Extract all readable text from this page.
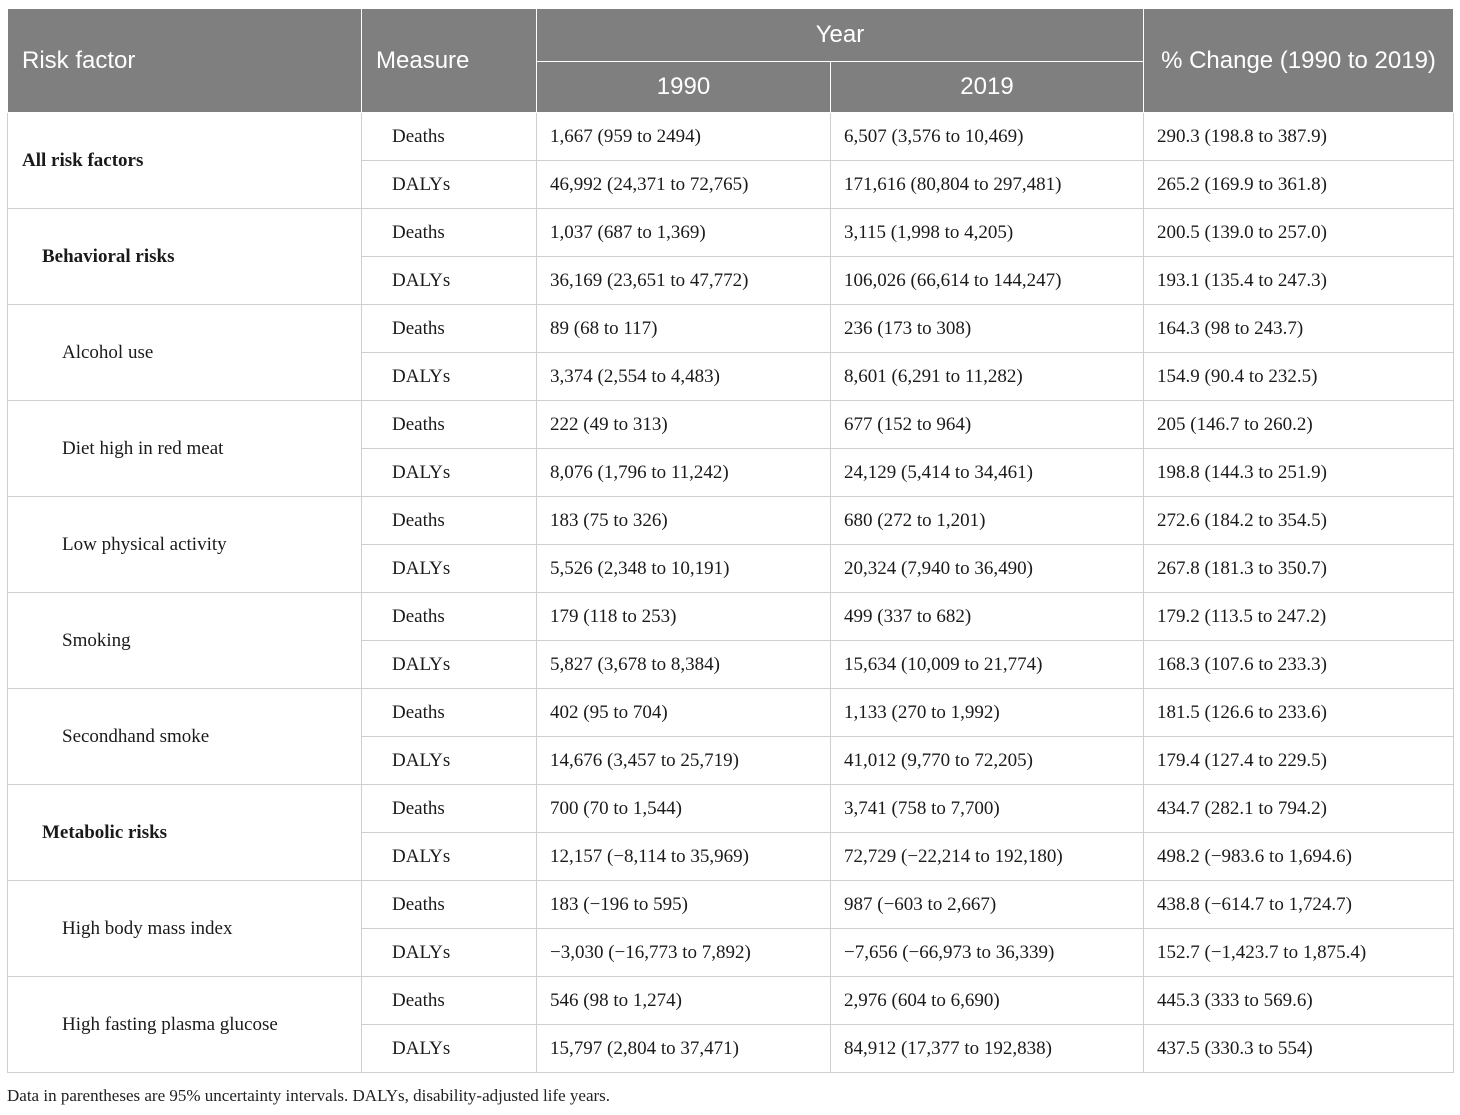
Risk factor	Measure	Year		% Change (1990 to 2019)
		1990	2019	
All risk factors	Deaths	1,667 (959 to 2494)	6,507 (3,576 to 10,469)	290.3 (198.8 to 387.9)
	DALYs	46,992 (24,371 to 72,765)	171,616 (80,804 to 297,481)	265.2 (169.9 to 361.8)
Behavioral risks	Deaths	1,037 (687 to 1,369)	3,115 (1,998 to 4,205)	200.5 (139.0 to 257.0)
	DALYs	36,169 (23,651 to 47,772)	106,026 (66,614 to 144,247)	193.1 (135.4 to 247.3)
Alcohol use	Deaths	89 (68 to 117)	236 (173 to 308)	164.3 (98 to 243.7)
	DALYs	3,374 (2,554 to 4,483)	8,601 (6,291 to 11,282)	154.9 (90.4 to 232.5)
Diet high in red meat	Deaths	222 (49 to 313)	677 (152 to 964)	205 (146.7 to 260.2)
	DALYs	8,076 (1,796 to 11,242)	24,129 (5,414 to 34,461)	198.8 (144.3 to 251.9)
Low physical activity	Deaths	183 (75 to 326)	680 (272 to 1,201)	272.6 (184.2 to 354.5)
	DALYs	5,526 (2,348 to 10,191)	20,324 (7,940 to 36,490)	267.8 (181.3 to 350.7)
Smoking	Deaths	179 (118 to 253)	499 (337 to 682)	179.2 (113.5 to 247.2)
	DALYs	5,827 (3,678 to 8,384)	15,634 (10,009 to 21,774)	168.3 (107.6 to 233.3)
Secondhand smoke	Deaths	402 (95 to 704)	1,133 (270 to 1,992)	181.5 (126.6 to 233.6)
	DALYs	14,676 (3,457 to 25,719)	41,012 (9,770 to 72,205)	179.4 (127.4 to 229.5)
Metabolic risks	Deaths	700 (70 to 1,544)	3,741 (758 to 7,700)	434.7 (282.1 to 794.2)
	DALYs	12,157 (−8,114 to 35,969)	72,729 (−22,214 to 192,180)	498.2 (−983.6 to 1,694.6)
High body mass index	Deaths	183 (−196 to 595)	987 (−603 to 2,667)	438.8 (−614.7 to 1,724.7)
	DALYs	−3,030 (−16,773 to 7,892)	−7,656 (−66,973 to 36,339)	152.7 (−1,423.7 to 1,875.4)
High fasting plasma glucose	Deaths	546 (98 to 1,274)	2,976 (604 to 6,690)	445.3 (333 to 569.6)
	DALYs	15,797 (2,804 to 37,471)	84,912 (17,377 to 192,838)	437.5 (330.3 to 554)
Data in parentheses are 95% uncertainty intervals. DALYs, disability-adjusted life years.
